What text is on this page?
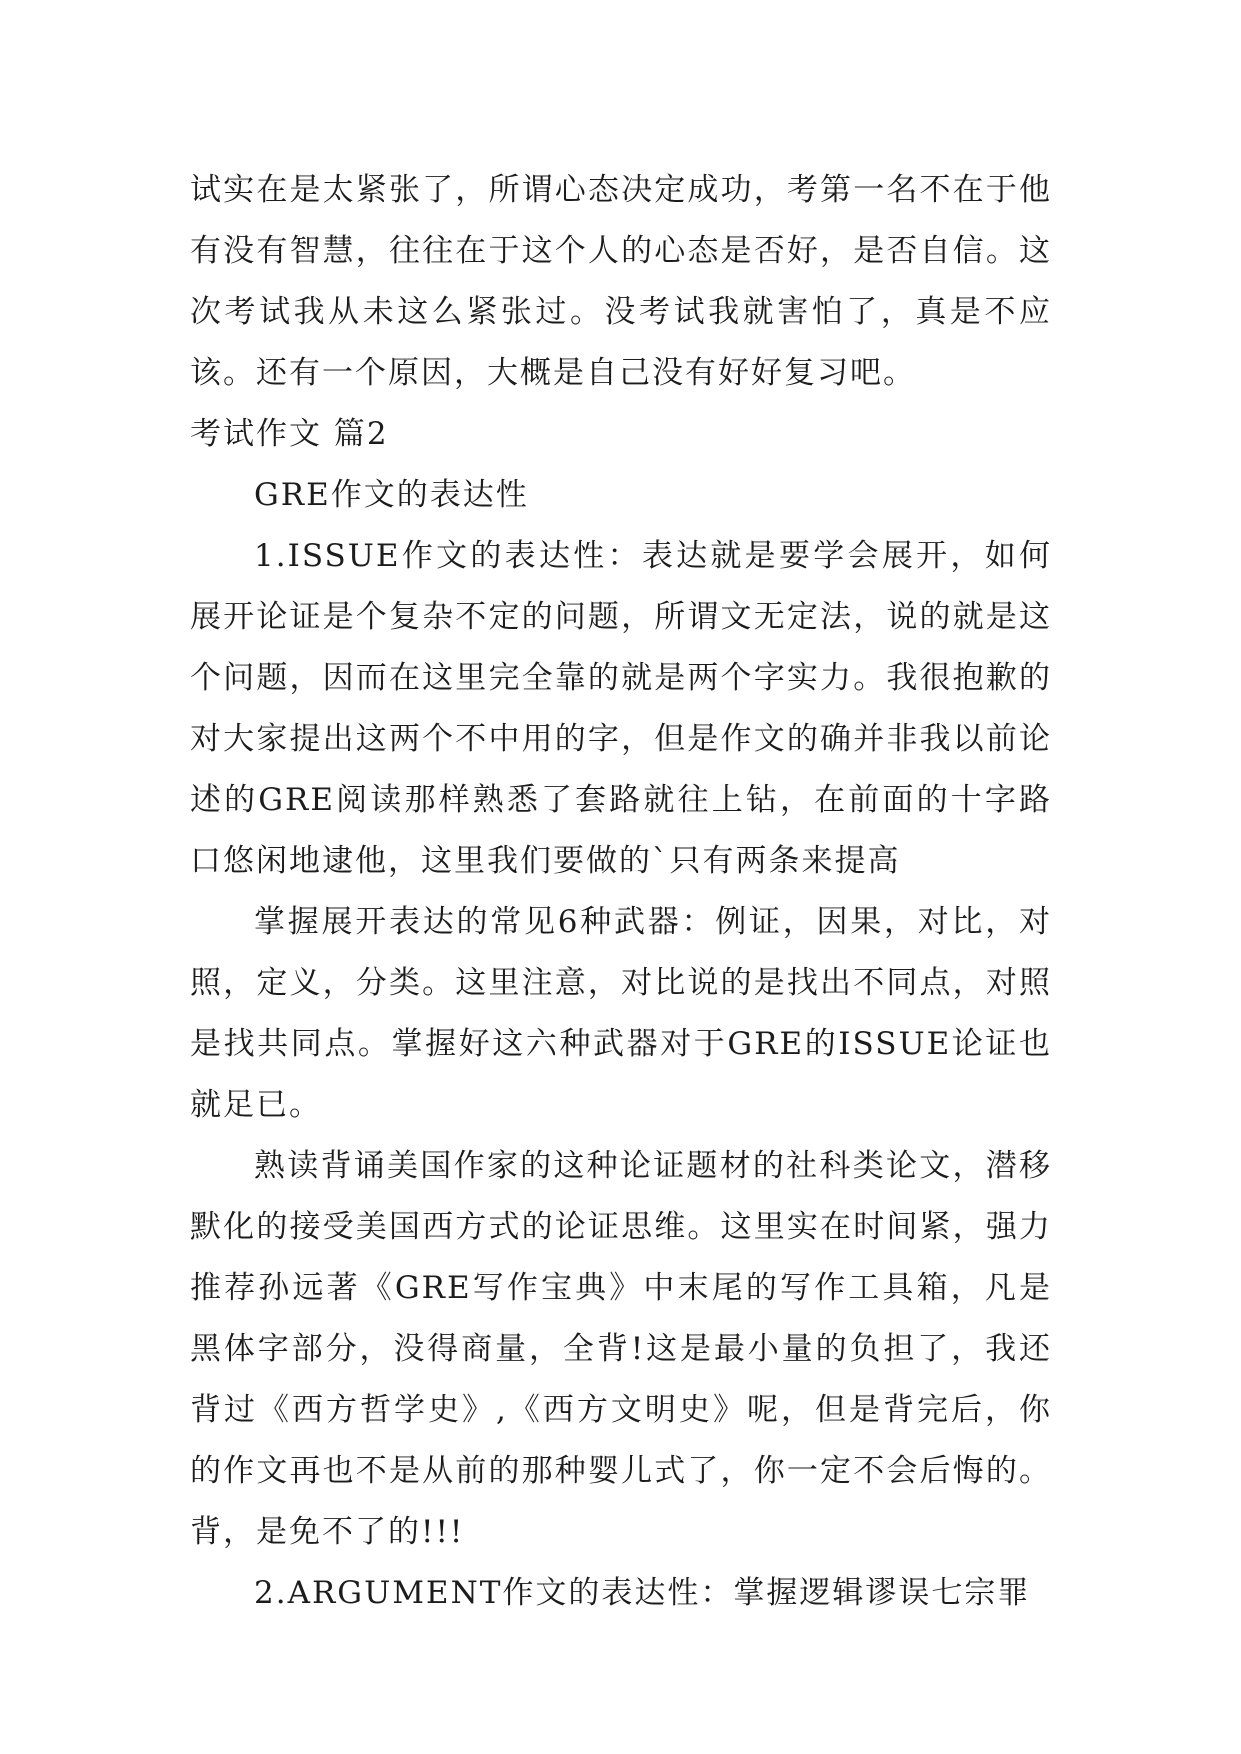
试实在是太紧张了，所谓心态决定成功，考第一名不在于他有没有智慧，往往在于这个人的心态是否好，是否自信。这次考试我从未这么紧张过。没考试我就害怕了，真是不应该。还有一个原因，大概是自己没有好好复习吧。

考试作文 篇2

GRE作文的表达性

1.ISSUE作文的表达性：表达就是要学会展开，如何展开论证是个复杂不定的问题，所谓文无定法，说的就是这个问题，因而在这里完全靠的就是两个字实力。我很抱歉的对大家提出这两个不中用的字，但是作文的确并非我以前论述的GRE阅读那样熟悉了套路就往上钻，在前面的十字路口悠闲地逮他，这里我们要做的`只有两条来提高

掌握展开表达的常见6种武器：例证，因果，对比，对照，定义，分类。这里注意，对比说的是找出不同点，对照是找共同点。掌握好这六种武器对于GRE的ISSUE论证也就足已。

熟读背诵美国作家的这种论证题材的社科类论文，潜移默化的接受美国西方式的论证思维。这里实在时间紧，强力推荐孙远著《GRE写作宝典》中末尾的写作工具箱，凡是黑体字部分，没得商量，全背!这是最小量的负担了，我还背过《西方哲学史》,《西方文明史》呢，但是背完后，你的作文再也不是从前的那种婴儿式了，你一定不会后悔的。背，是免不了的!!!

2.ARGUMENT作文的表达性：掌握逻辑谬误七宗罪
